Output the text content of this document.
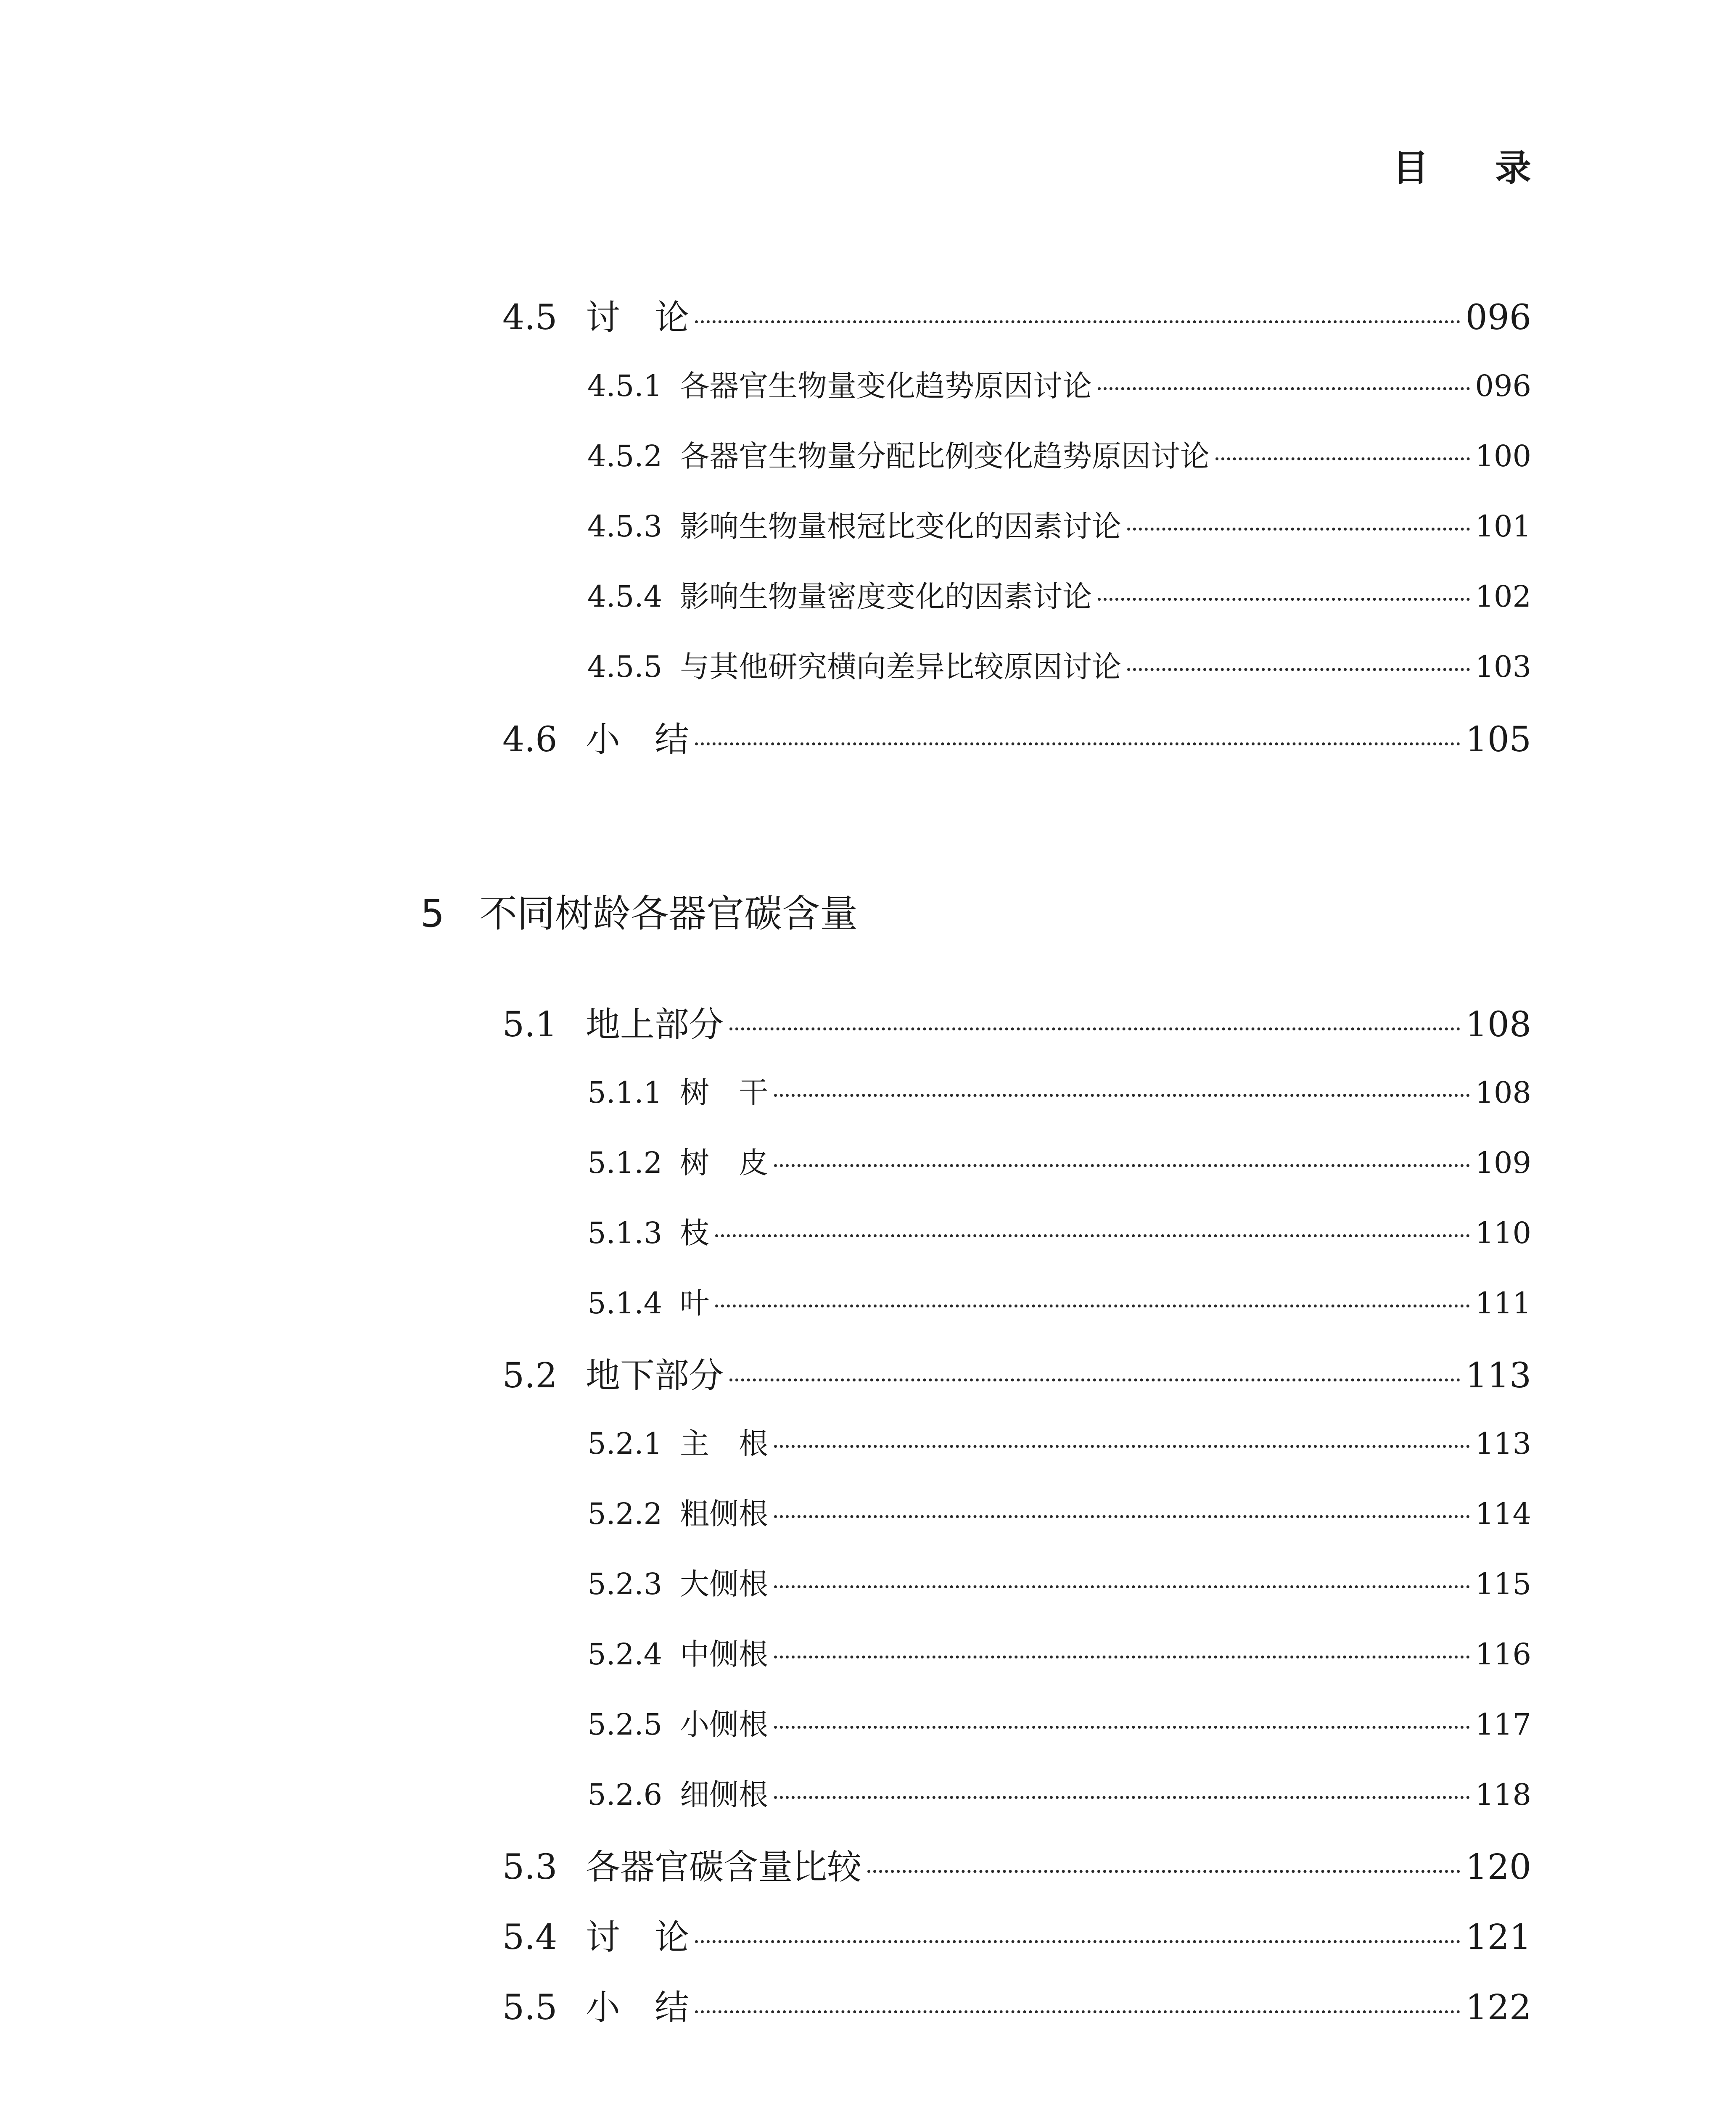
目 录
4.5 讨 论	096
4.5.1 各器官生物量变化趋势原因讨论	096
4.5.2 各器官生物量分配比例变化趋势原因讨论	100
4.5.3 影响生物量根冠比变化的因素讨论	101
4.5.4 影响生物量密度变化的因素讨论	102
4.5.5 与其他研究横向差异比较原因讨论	103
4.6 小 结	105
5 不同树龄各器官碳含量
5.1 地上部分	108
5.1.1 树 干	108
5.1.2 树 皮	109
5.1.3 枝	110
5.1.4 叶	111
5.2 地下部分	113
5.2.1 主 根	113
5.2.2 粗侧根	114
5.2.3 大侧根	115
5.2.4 中侧根	116
5.2.5 小侧根	117
5.2.6 细侧根	118
5.3 各器官碳含量比较	120
5.4 讨 论	121
5.5 小 结	122
